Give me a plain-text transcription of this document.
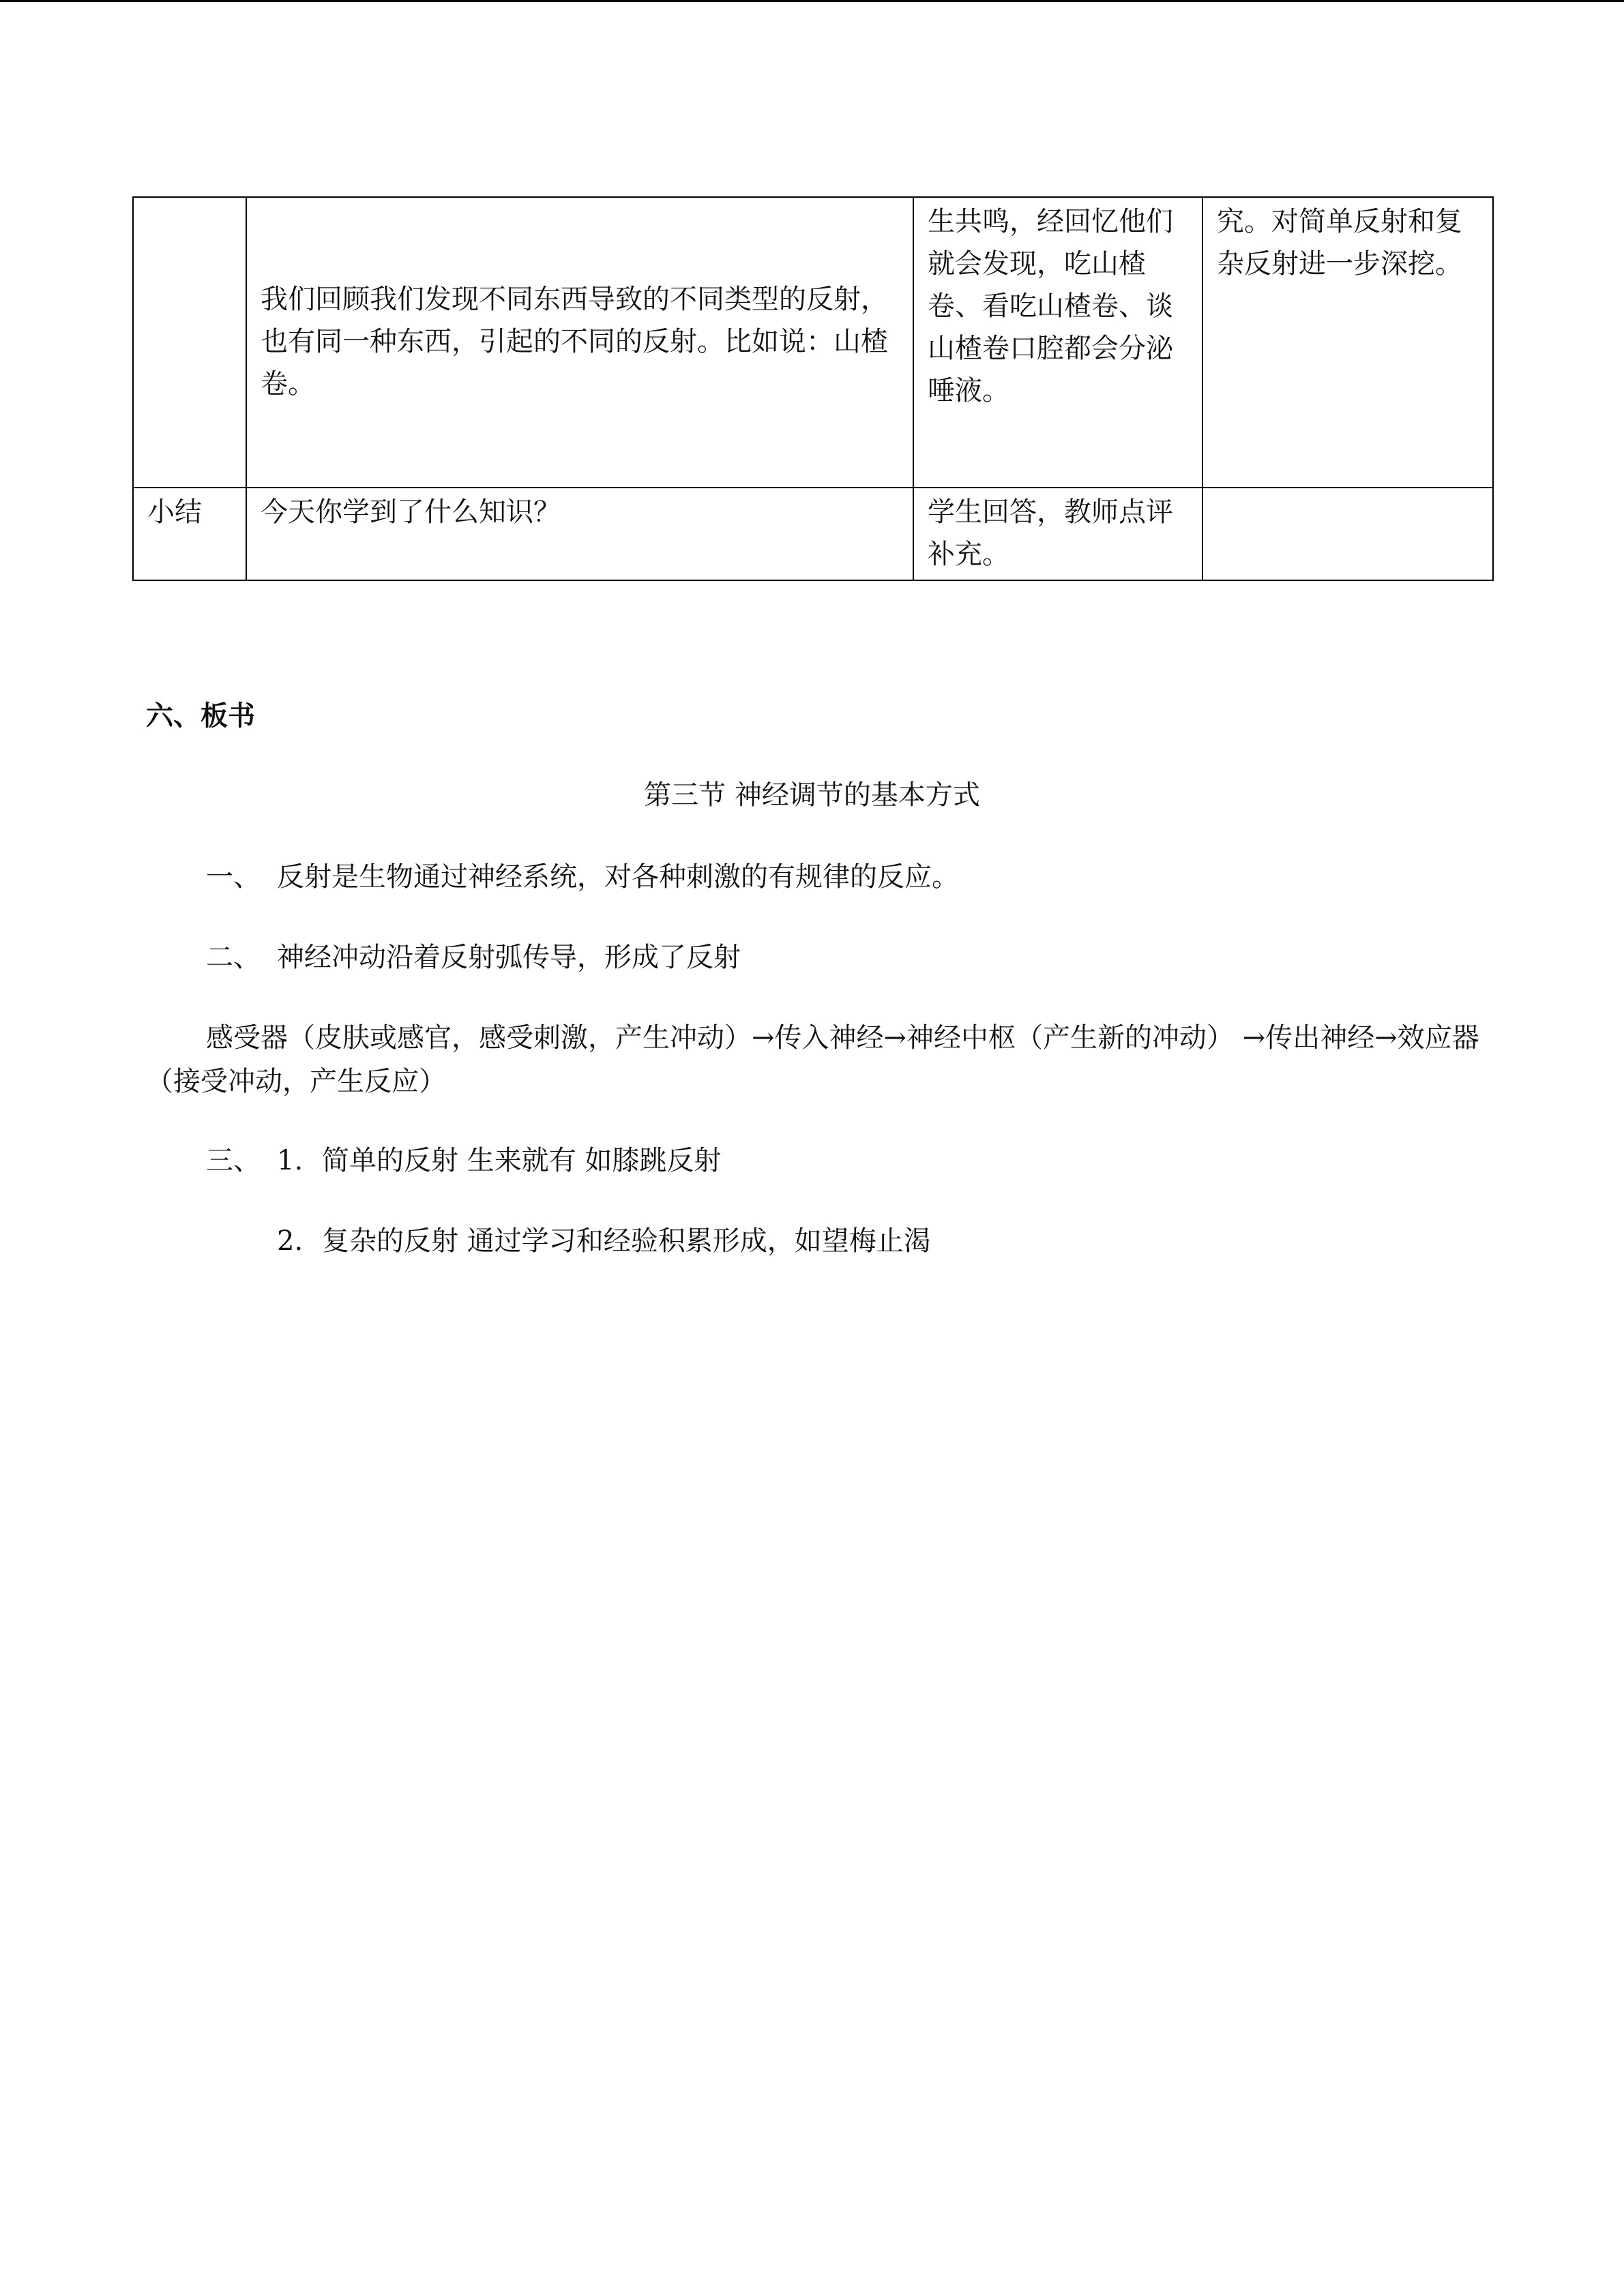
	我们回顾我们发现不同东西导致的不同类型的反射，也有同一种东西，引起的不同的反射。比如说：山楂卷。	生共鸣，经回忆他们就会发现，吃山楂卷、看吃山楂卷、谈山楂卷口腔都会分泌唾液。	究。对简单反射和复杂反射进一步深挖。
小结	今天你学到了什么知识？	学生回答，教师点评补充。	
六、板书
第三节 神经调节的基本方式
一、 反射是生物通过神经系统，对各种刺激的有规律的反应。
二、 神经冲动沿着反射弧传导，形成了反射
感受器（皮肤或感官，感受刺激，产生冲动）→传入神经→神经中枢（产生新的冲动） →传出神经→效应器（接受冲动，产生反应）
三、 1. 简单的反射 生来就有 如膝跳反射
2. 复杂的反射 通过学习和经验积累形成，如望梅止渴
